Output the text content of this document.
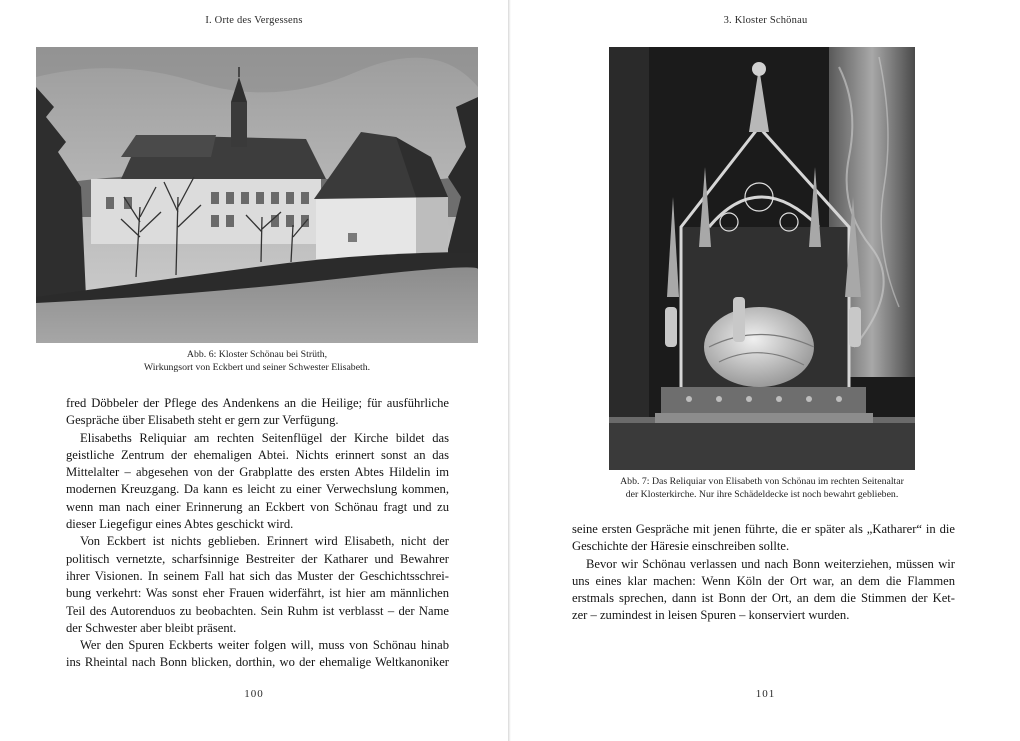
I. Orte des Vergessens
Abb. 6: Kloster Schönau bei Strüth,
Wirkungsort von Eckbert und seiner Schwester Elisabeth.
fred Döbbeler der Pflege des Andenkens an die Heilige; für ausführliche
Gespräche über Elisabeth steht er gern zur Verfügung.
Elisabeths Reliquiar am rechten Seitenflügel der Kirche bildet das
geistliche Zentrum der ehemaligen Abtei. Nichts erinnert sonst an das
Mittelalter – abgesehen von der Grabplatte des ersten Abtes Hildelin im
modernen Kreuzgang. Da kann es leicht zu einer Verwechslung kommen,
wenn man nach einer Erinnerung an Eckbert von Schönau fragt und zu
dieser Liegefigur eines Abtes geschickt wird.
Von Eckbert ist nichts geblieben. Erinnert wird Elisabeth, nicht der
politisch vernetzte, scharfsinnige Bestreiter der Katharer und Bewahrer
ihrer Visionen. In seinem Fall hat sich das Muster der Geschichtsschrei-
bung verkehrt: Was sonst eher Frauen widerfährt, ist hier am männlichen
Teil des Autorenduos zu beobachten. Sein Ruhm ist verblasst – der Name
der Schwester aber bleibt präsent.
Wer den Spuren Eckberts weiter folgen will, muss von Schönau hinab
ins Rheintal nach Bonn blicken, dorthin, wo der ehemalige Weltkanoniker
100
3. Kloster Schönau
Abb. 7: Das Reliquiar von Elisabeth von Schönau im rechten Seitenaltar
der Klosterkirche. Nur ihre Schädeldecke ist noch bewahrt geblieben.
seine ersten Gespräche mit jenen führte, die er später als „Katharer“ in die
Geschichte der Häresie einschreiben sollte.
Bevor wir Schönau verlassen und nach Bonn weiterziehen, müssen wir
uns eines klar machen: Wenn Köln der Ort war, an dem die Flammen
erstmals sprechen, dann ist Bonn der Ort, an dem die Stimmen der Ket-
zer – zumindest in leisen Spuren – konserviert wurden.
101
